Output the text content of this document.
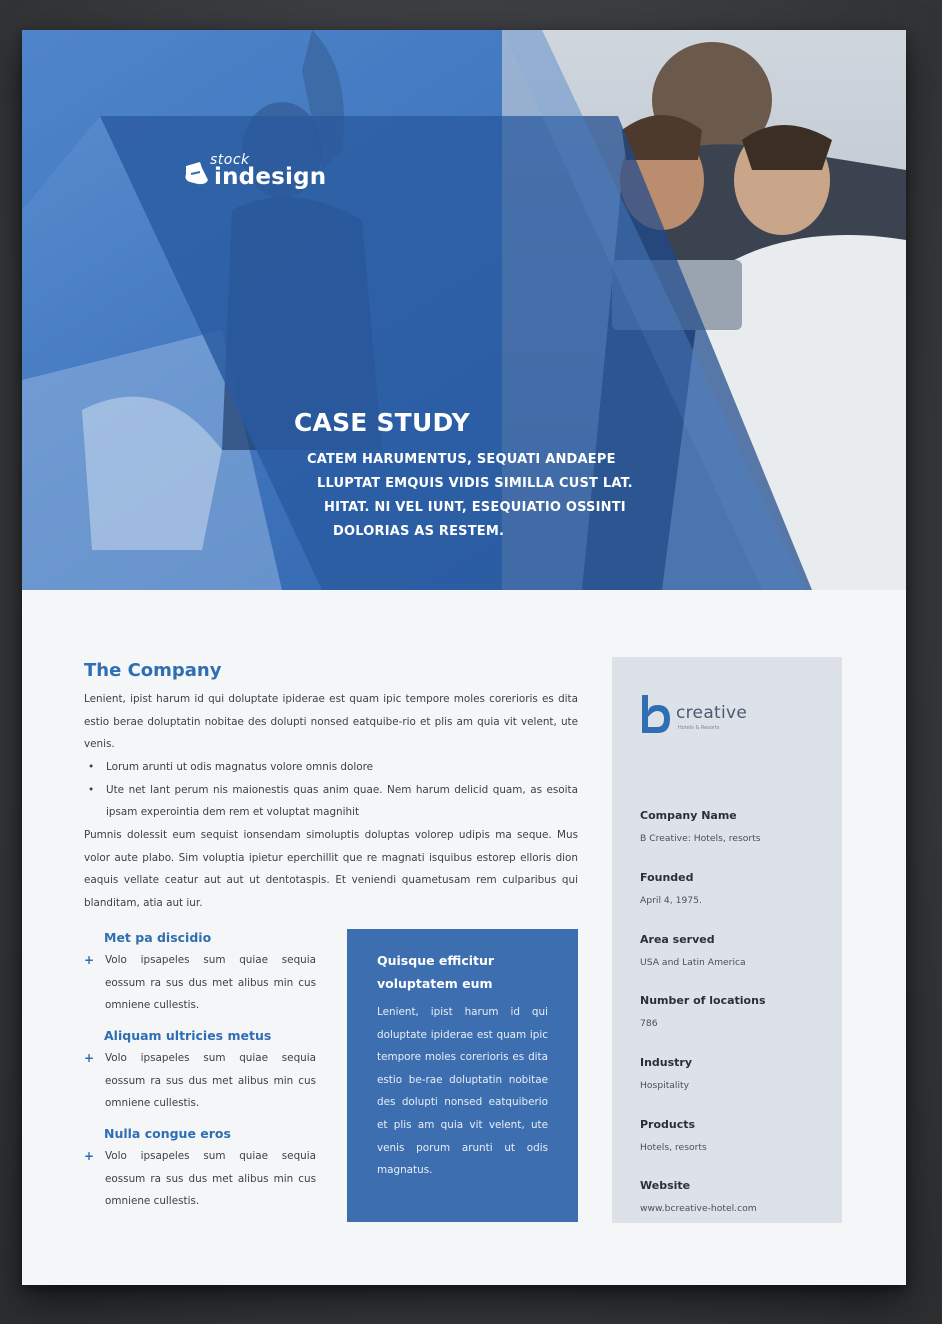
stock
indesign
CASE STUDY
CATEM HARUMENTUS, SEQUATI ANDAEPE
LLUPTAT EMQUIS VIDIS SIMILLA CUST LAT.
HITAT. NI VEL IUNT, ESEQUIATIO OSSINTI
DOLORIAS AS RESTEM.
The Company

Lenient, ipist harum id qui doluptate ipiderae est quam ipic tempore moles corerioris es dita estio berae doluptatin nobitae des dolupti nonsed eatquibe-rio et plis am quia vit velent, ute venis.

• Lorum arunti ut odis magnatus volore omnis dolore
• Ute net lant perum nis maionestis quas anim quae. Nem harum delicid quam, as esoita ipsam experointia dem rem et voluptat magnihit

Pumnis dolessit eum sequist ionsendam simoluptis doluptas volorep udipis ma seque. Mus volor aute plabo. Sim voluptia ipietur eperchillit que re magnati isquibus estorep elloris dion eaquis vellate ceatur aut aut ut dentotaspis. Et veniendi quametusam rem culparibus qui blanditam, atia aut iur.

Met pa discidio
+ Volo ipsapeles sum quiae sequia eossum ra sus dus met alibus min cus omniene cullestis.
Aliquam ultricies metus
+ Volo ipsapeles sum quiae sequia eossum ra sus dus met alibus min cus omniene cullestis.
Nulla congue eros
+ Volo ipsapeles sum quiae sequia eossum ra sus dus met alibus min cus omniene cullestis.
Quisque efficitur
voluptatem eum
Lenient, ipist harum id qui doluptate ipiderae est quam ipic tempore moles corerioris es dita estio be-rae doluptatin nobitae des dolupti nonsed eatquiberio et plis am quia vit velent, ute venis porum arunti ut odis magnatus.
creative
Hotels & Resorts
Company Name
B Creative: Hotels, resorts
Founded
April 4, 1975.
Area served
USA and Latin America
Number of locations
786
Industry
Hospitality
Products
Hotels, resorts
Website
www.bcreative-hotel.com
